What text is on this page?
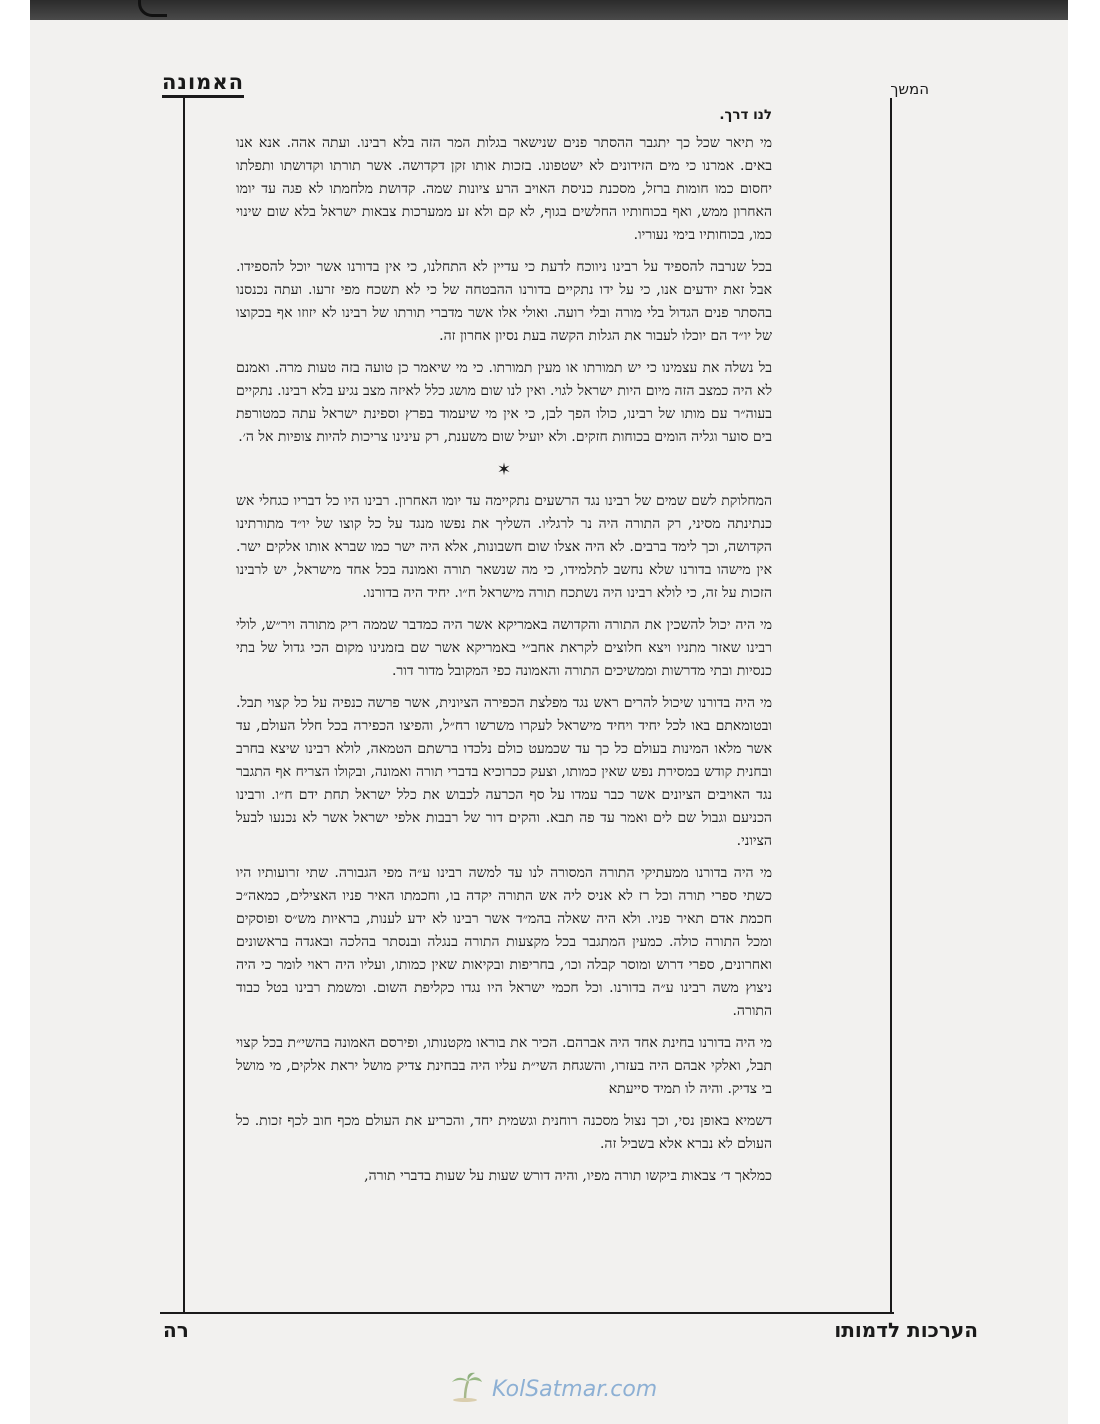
האמונה	המשך

לנו דרך.

מי תיאר שכל כך יתגבר ההסתר פנים שנישאר בגלות המר הזה בלא רבינו. ועתה אהה. אנא אנו באים. אמרנו כי מים הזידונים לא ישטפונו. בזכות אותו זקן דקדושה. אשר תורתו וקדושתו ותפלתו יחסום כמו חומות ברזל, מסכנת כניסת האויב הרע ציונות שמה. קדושת מלחמתו לא פגה עד יומו האחרון ממש, ואף בכוחותיו החלשים בגוף, לא קם ולא זע ממערכות צבאות ישראל בלא שום שינוי כמו, בכוחותיו בימי נעוריו.

בכל שנרבה להספיד על רבינו ניווכח לדעת כי עדיין לא התחלנו, כי אין בדורנו אשר יוכל להספידו. אבל זאת יודעים אנו, כי על ידו נתקיים בדורנו ההבטחה של כי לא תשכח מפי זרעו. ועתה נכנסנו בהסתר פנים הגדול בלי מורה ובלי רועה. ואולי אלו אשר מדברי תורתו של רבינו לא יזוזו אף בכקוצו של יו״ד הם יוכלו לעבור את הגלות הקשה בעת נסיון אחרון זה.

בל נשלה את עצמינו כי יש תמורתו או מעין תמורתו. כי מי שיאמר כן טועה בזה טעות מרה. ואמנם לא היה כמצב הזה מיום היות ישראל לגוי. ואין לנו שום מושג כלל לאיזה מצב נגיע בלא רבינו. נתקיים בעוה״ר עם מותו של רבינו, כולו הפך לבן, כי אין מי שיעמוד בפרץ וספינת ישראל עתה כמטורפת בים סוער וגליה הומים בכוחות חזקים. ולא יועיל שום משענת, רק עינינו צריכות להיות צופיות אל ה׳.

✶

המחלוקת לשם שמים של רבינו נגד הרשעים נתקיימה עד יומו האחרון. רבינו היו כל דבריו כגחלי אש כנתינתה מסיני, רק התורה היה נר לרגליו. השליך את נפשו מנגד על כל קוצו של יו״ד מתורתינו הקדושה, וכך לימד ברבים. לא היה אצלו שום חשבונות, אלא היה ישר כמו שברא אותו אלקים ישר. אין מישהו בדורנו שלא נחשב לתלמידו, כי מה שנשאר תורה ואמונה בכל אחד מישראל, יש לרבינו הזכות על זה, כי לולא רבינו היה נשתכח תורה מישראל ח״ו. יחיד היה בדורנו.

מי היה יכול להשכין את התורה והקדושה באמריקא אשר היה כמדבר שממה ריק מתורה ויר״ש, לולי רבינו שאזר מתניו ויצא חלוצים לקראת אחב״י באמריקא אשר שם בזמנינו מקום הכי גדול של בתי כנסיות ובתי מדרשות וממשיכים התורה והאמונה כפי המקובל מדור דור.

מי היה בדורנו שיכול להרים ראש נגד מפלצת הכפירה הציונית, אשר פרשה כנפיה על כל קצוי תבל. ובטומאתם באו לכל יחיד ויחיד מישראל לעקרו משרשו רח״ל, והפיצו הכפירה בכל חלל העולם, עד אשר מלאו המינות בעולם כל כך עד שכמעט כולם נלכדו ברשתם הטמאה, לולא רבינו שיצא בחרב ובחנית קודש במסירת נפש שאין כמותו, וצעק ככרוכיא בדברי תורה ואמונה, ובקולו הצריח אף התגבר נגד האויבים הציונים אשר כבר עמדו על סף הכרעה לכבוש את כלל ישראל תחת ידם ח״ו. ורבינו הכניעם וגבול שם לים ואמר עד פה תבא. והקים דור של רבבות אלפי ישראל אשר לא נכנעו לבעל הציוני.

מי היה בדורנו ממעתיקי התורה המסורה לנו עד למשה רבינו ע״ה מפי הגבורה. שתי זרועותיו היו כשתי ספרי תורה וכל רז לא אניס ליה אש התורה יקדה בו, וחכמתו האיר פניו האצילים, כמאה״כ חכמת אדם תאיר פניו. ולא היה שאלה בהמ״ד אשר רבינו לא ידע לענות, בראיות מש״ס ופוסקים ומכל התורה כולה. כמעין המתגבר בכל מקצעות התורה בנגלה ובנסתר בהלכה ובאגדה בראשונים ואחרונים, ספרי דרוש ומוסר קבלה וכו׳, בחריפות ובקיאות שאין כמותו, ועליו היה ראוי לומר כי היה ניצוץ משה רבינו ע״ה בדורנו. וכל חכמי ישראל היו נגדו כקליפת השום. ומשמת רבינו בטל כבוד התורה.

מי היה בדורנו בחינת אחד היה אברהם. הכיר את בוראו מקטנותו, ופירסם האמונה בהשי״ת בכל קצוי תבל, ואלקי אבהם היה בעזרו, והשגחת השי״ת עליו היה בבחינת צדיק מושל יראת אלקים, מי מושל בי צדיק. והיה לו תמיד סייעתא

דשמיא באופן נסי, וכך נצול מסכנה רוחנית וגשמית יחד, והכריע את העולם מכף חוב לכף זכות. כל העולם לא נברא אלא בשביל זה.

כמלאך ד׳ צבאות ביקשו תורה מפיו, והיה דורש שעות על שעות בדברי תורה,

רה	הערכות לדמותו
KolSatmar.com
